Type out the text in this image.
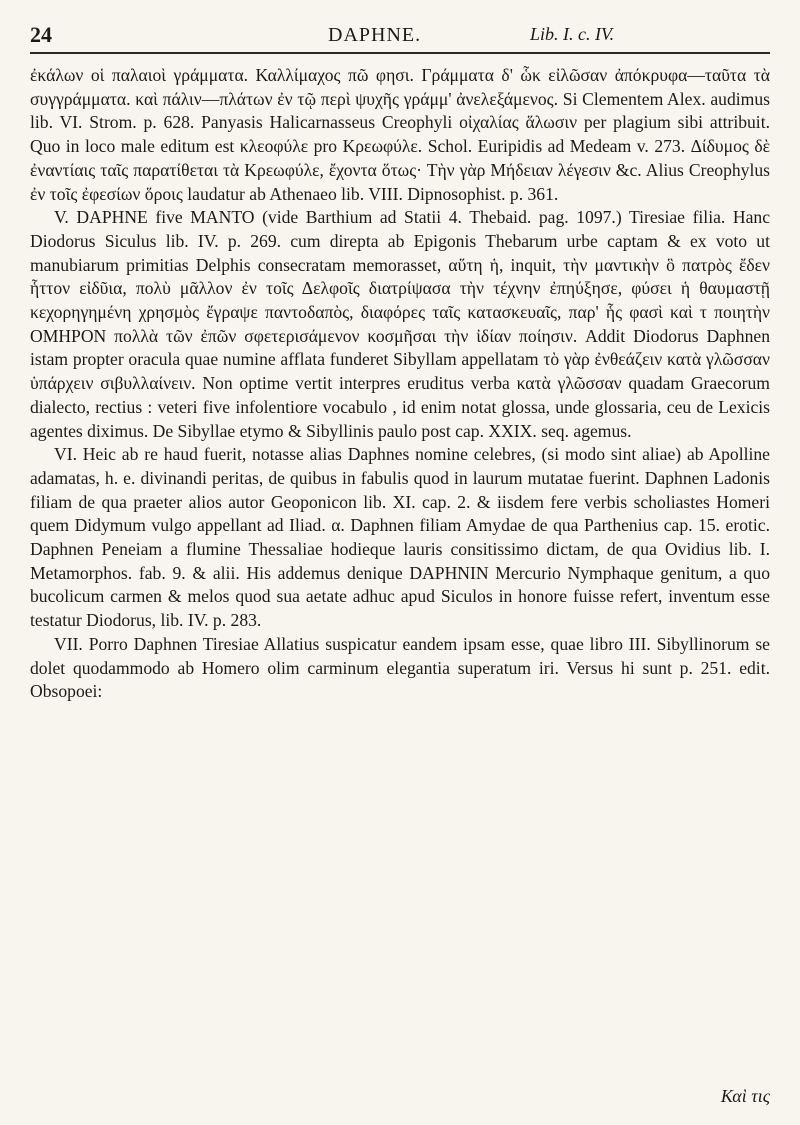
24	DAPHNE.	Lib. I. c. IV.

ἐκάλων οἱ παλαιοὶ γράμματα. Καλλίμαχος πῶ φησι. Γράμματα δ' ὧκ εἰλῶσαν ἀπόκρυφα—ταῦτα τὰ συγγράμματα. καὶ πάλιν—πλάτων ἐν τῷ περὶ ψυχῆς γράμμ' ἀνελεξάμενος. Si Clementem Alex. audimus lib. VI. Strom. p. 628. Panyasis Halicarnasseus Creophyli οἰχαλίας ἅλωσιν per plagium sibi attribuit. Quo in loco male editum est κλεοφύλε pro Κρεωφύλε. Schol. Euripidis ad Medeam v. 273. Δίδυμος δὲ ἐναντίαις ταῖς παρατίθεται τὰ Κρεωφύλε, ἔχοντα ὅτως· Τὴν γὰρ Μήδειαν λέγεσιν &c. Alius Creophylus ἐν τοῖς ἐφεσίων ὅροις laudatur ab Athenaeo lib. VIII. Dipnosophist. p. 361.

V. DAPHNE five MANTO (vide Barthium ad Statii 4. Thebaid. pag. 1097.) Tiresiae filia. Hanc Diodorus Siculus lib. IV. p. 269. cum direpta ab Epigonis Thebarum urbe captam & ex voto ut manubiarum primitias Delphis consecratam memorasset, αὕτη ἡ, inquit, τὴν μαντικὴν ὃ πατρὸς ἔδεν ἧττον εἰδῦια, πολὺ μᾶλλον ἐν τοῖς Δελφοῖς διατρίψασα τὴν τέχνην ἐπηύξησε, φύσει ἡ θαυμαστῇ κεχορηγημένη χρησμὸς ἔγραψε παντοδαπὸς, διαφόρες ταῖς κατασκευαῖς, παρ' ἧς φασὶ καὶ τ ποιητὴν ΟΜΗΡΟΝ πολλὰ τῶν ἐπῶν σφετερισάμενον κοσμῆσαι τὴν ἰδίαν ποίησιν. Addit Diodorus Daphnen istam propter oracula quae numine afflata funderet Sibyllam appellatam τὸ γὰρ ἐνθεάζειν κατὰ γλῶσσαν ὑπάρχειν σιβυλλαίνειν. Non optime vertit interpres eruditus verba κατὰ γλῶσσαν quadam Graecorum dialecto, rectius : veteri five infolentiore vocabulo , id enim notat glossa, unde glossaria, ceu de Lexicis agentes diximus. De Sibyllae etymo & Sibyllinis paulo post cap. XXIX. seq. agemus.

VI. Heic ab re haud fuerit, notasse alias Daphnes nomine celebres, (si modo sint aliae) ab Apolline adamatas, h. e. divinandi peritas, de quibus in fabulis quod in laurum mutatae fuerint. Daphnen Ladonis filiam de qua praeter alios autor Geoponicon lib. XI. cap. 2. & iisdem fere verbis scholiastes Homeri quem Didymum vulgo appellant ad Iliad. α. Daphnen filiam Amydae de qua Parthenius cap. 15. erotic. Daphnen Peneiam a flumine Thessaliae hodieque lauris consitissimo dictam, de qua Ovidius lib. I. Metamorphos. fab. 9. & alii. His addemus denique DAPHNIN Mercurio Nymphaque genitum, a quo bucolicum carmen & melos quod sua aetate adhuc apud Siculos in honore fuisse refert, inventum esse testatur Diodorus, lib. IV. p. 283.

VII. Porro Daphnen Tiresiae Allatius suspicatur eandem ipsam esse, quae libro III. Sibyllinorum se dolet quodammodo ab Homero olim carminum elegantia superatum iri. Versus hi sunt p. 251. edit. Obsopoei:

Καὶ τις
